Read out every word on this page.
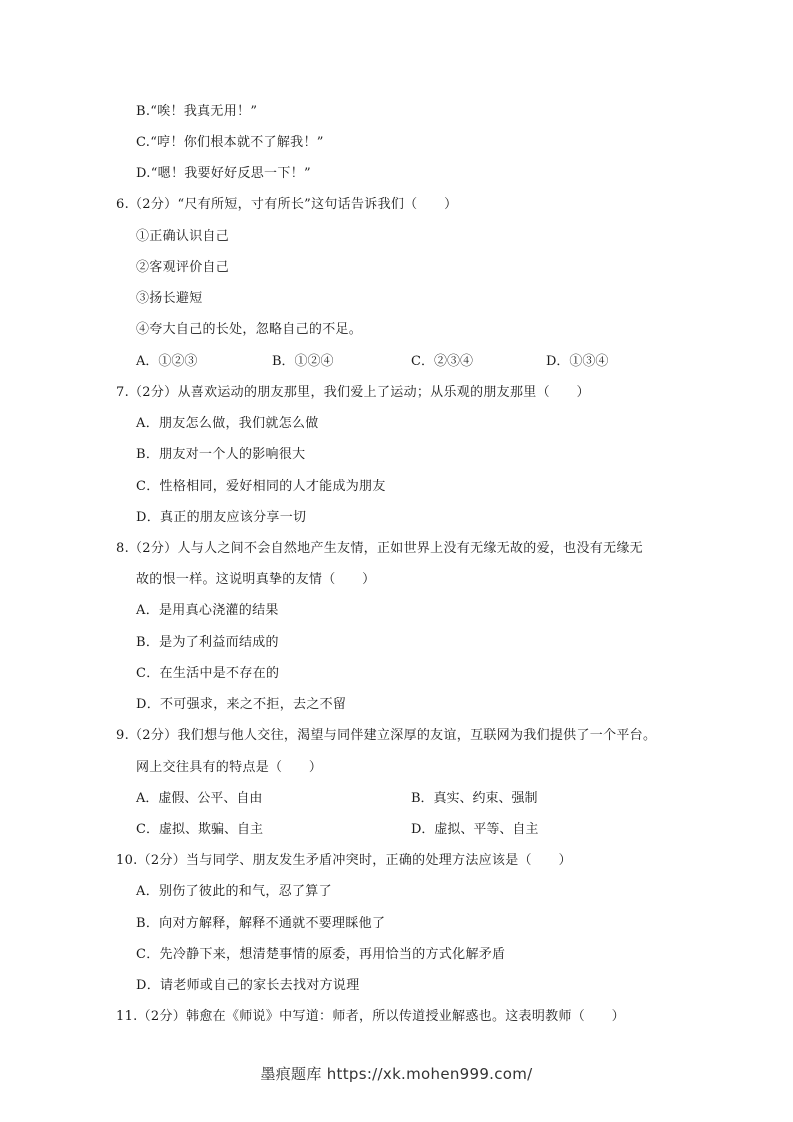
B.“唉！我真无用！”
C.“哼！你们根本就不了解我！”
D.“嗯！我要好好反思一下！”
6.（2分）“尺有所短，寸有所长”这句话告诉我们（　　）
①正确认识自己
②客观评价自己
③扬长避短
④夸大自己的长处，忽略自己的不足。
A．①②③	B．①②④	C．②③④	D．①③④
7.（2分）从喜欢运动的朋友那里，我们爱上了运动；从乐观的朋友那里（　　）
A．朋友怎么做，我们就怎么做
B．朋友对一个人的影响很大
C．性格相同，爱好相同的人才能成为朋友
D．真正的朋友应该分享一切
8.（2分）人与人之间不会自然地产生友情，正如世界上没有无缘无故的爱，也没有无缘无
故的恨一样。这说明真挚的友情（　　）
A．是用真心浇灌的结果
B．是为了利益而结成的
C．在生活中是不存在的
D．不可强求，来之不拒，去之不留
9.（2分）我们想与他人交往，渴望与同伴建立深厚的友谊，互联网为我们提供了一个平台。
网上交往具有的特点是（　　）
A．虚假、公平、自由	B．真实、约束、强制
C．虚拟、欺骗、自主	D．虚拟、平等、自主
10.（2分）当与同学、朋友发生矛盾冲突时，正确的处理方法应该是（　　）
A．别伤了彼此的和气，忍了算了
B．向对方解释，解释不通就不要理睬他了
C．先冷静下来，想清楚事情的原委，再用恰当的方式化解矛盾
D．请老师或自己的家长去找对方说理
11.（2分）韩愈在《师说》中写道：师者，所以传道授业解惑也。这表明教师（　　）
墨痕题库 https://xk.mohen999.com/
